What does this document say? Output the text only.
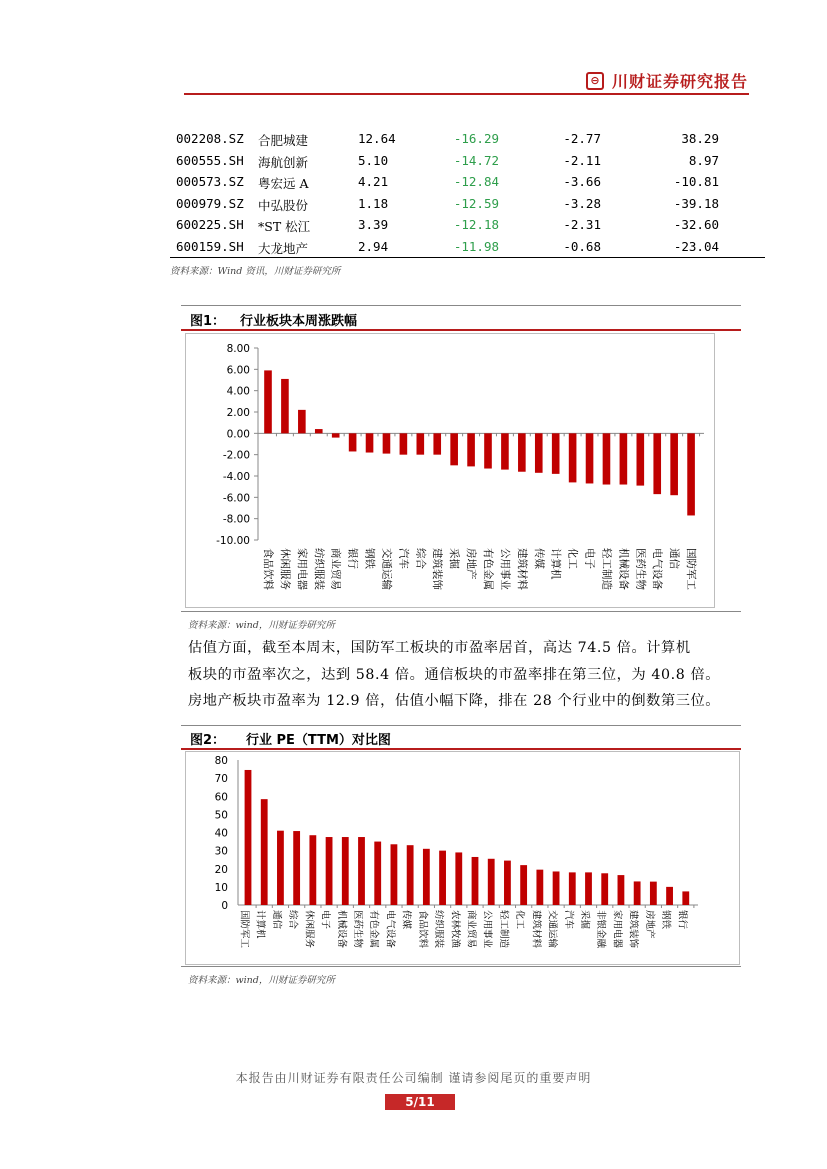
⊖ 川财证券研究报告
002208.SZ 合肥城建	12.64	-16.29	-2.77	38.29
600555.SH 海航创新	5.10	-14.72	-2.11	8.97
000573.SZ 粤宏远 A	4.21	-12.84	-3.66	-10.81
000979.SZ 中弘股份	1.18	-12.59	-3.28	-39.18
600225.SH *ST 松江	3.39	-12.18	-2.31	-32.60
600159.SH 大龙地产	2.94	-11.98	-0.68	-23.04
资料来源：Wind 资讯，川财证券研究所
图1： 行业板块本周涨跌幅
8.00
6.00
4.00
2.00
0.00
-2.00
-4.00
-6.00
-8.00
-10.00
食品饮料 休闲服务 家用电器 纺织服装 商业贸易 银行 钢铁 交通运输 汽车 综合 建筑装饰 采掘 房地产 有色金属 公用事业 建筑材料 传媒 计算机 化工 电子 轻工制造 机械设备 医药生物 电气设备 通信 国防军工
资料来源：wind，川财证券研究所
估值方面，截至本周末，国防军工板块的市盈率居首，高达 74.5 倍。计算机
板块的市盈率次之，达到 58.4 倍。通信板块的市盈率排在第三位，为 40.8 倍。
房地产板块市盈率为 12.9 倍，估值小幅下降，排在 28 个行业中的倒数第三位。
图2： 行业 PE（TTM）对比图
80
70
60
50
40
30
20
10
0
国防军工 计算机 通信 综合 休闲服务 电子 机械设备 医药生物 有色金属 电气设备 传媒 食品饮料 纺织服装 农林牧渔 商业贸易 公用事业 轻工制造 化工 建筑材料 交通运输 汽车 采掘 非银金融 家用电器 建筑装饰 房地产 钢铁 银行
资料来源：wind，川财证券研究所
本报告由川财证券有限责任公司编制 谨请参阅尾页的重要声明
5/11
